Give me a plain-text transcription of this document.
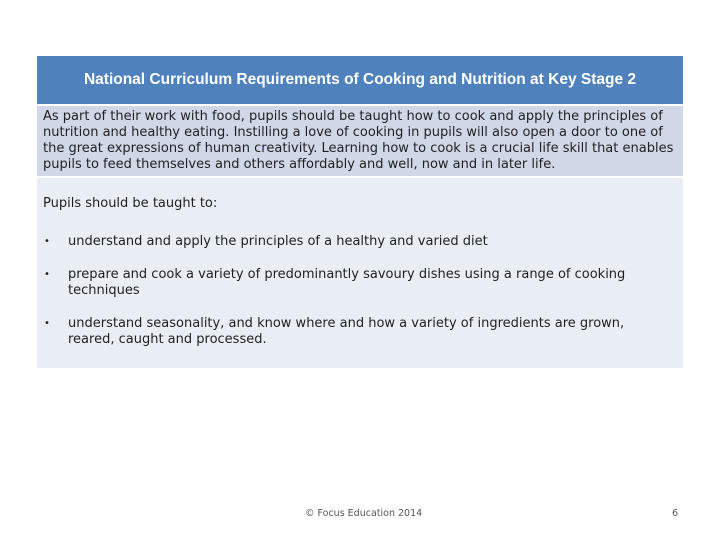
National Curriculum Requirements of Cooking and Nutrition at Key Stage 2
As part of their work with food, pupils should be taught how to cook and apply the principles of nutrition and healthy eating. Instilling a love of cooking in pupils will also open a door to one of the great expressions of human creativity. Learning how to cook is a crucial life skill that enables pupils to feed themselves and others affordably and well, now and in later life.

Pupils should be taught to:

•	understand and apply the principles of a healthy and varied diet
•	prepare and cook a variety of predominantly savoury dishes using a range of cooking techniques
•	understand seasonality, and know where and how a variety of ingredients are grown, reared, caught and processed.
© Focus Education 2014	6
